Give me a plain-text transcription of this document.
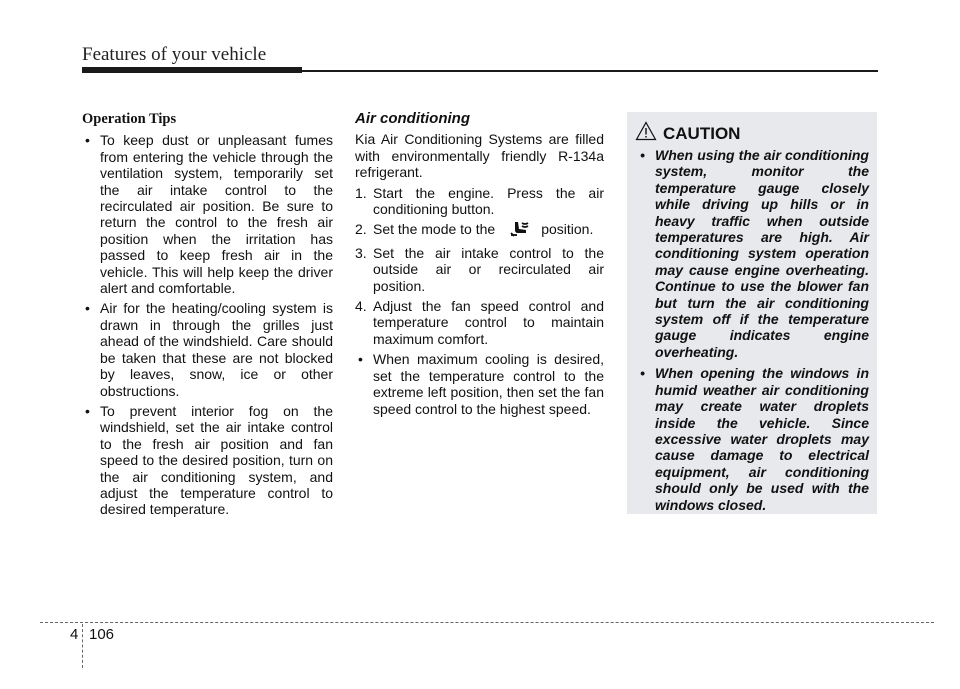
Features of your vehicle
Operation Tips
• To keep dust or unpleasant fumes from entering the vehicle through the ventilation system, temporarily set the air intake control to the recirculated air position. Be sure to return the control to the fresh air position when the irritation has passed to keep fresh air in the vehicle. This will help keep the driver alert and comfortable.
• Air for the heating/cooling system is drawn in through the grilles just ahead of the windshield. Care should be taken that these are not blocked by leaves, snow, ice or other obstructions.
• To prevent interior fog on the windshield, set the air intake control to the fresh air position and fan speed to the desired position, turn on the air conditioning system, and adjust the temperature control to desired temperature.
Air conditioning

Kia Air Conditioning Systems are filled with environmentally friendly R-134a refrigerant.

1. Start the engine. Press the air conditioning button.
2. Set the mode to the	position.
3. Set the air intake control to the outside air or recirculated air position.
4. Adjust the fan speed control and temperature control to maintain maximum comfort.
• When maximum cooling is desired, set the temperature control to the extreme left position, then set the fan speed control to the highest speed.
CAUTION
• When using the air conditioning system, monitor the temperature gauge closely while driving up hills or in heavy traffic when outside temperatures are high. Air conditioning system operation may cause engine overheating. Continue to use the blower fan but turn the air conditioning system off if the temperature gauge indicates engine overheating.
• When opening the windows in humid weather air conditioning may create water droplets inside the vehicle. Since excessive water droplets may cause damage to electrical equipment, air conditioning should only be used with the windows closed.
4 106
